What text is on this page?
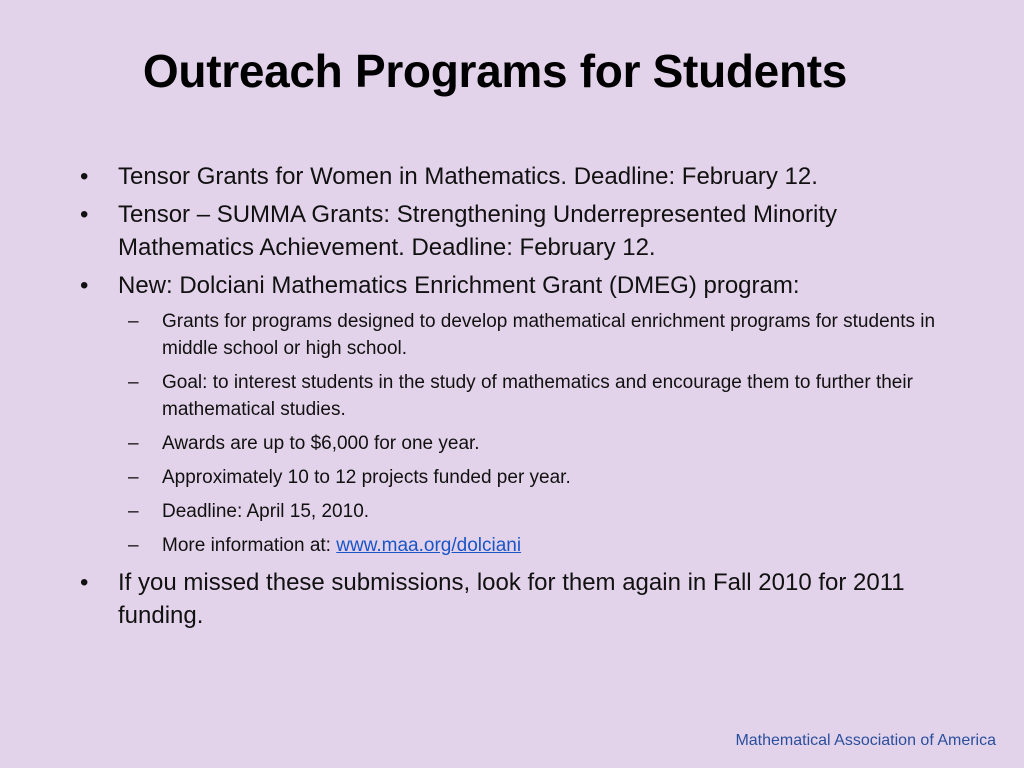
Outreach Programs for Students
•	Tensor Grants for Women in Mathematics. Deadline: February 12.
•	Tensor – SUMMA Grants: Strengthening Underrepresented Minority Mathematics Achievement. Deadline: February 12.
•	New: Dolciani Mathematics Enrichment Grant (DMEG) program:
– Grants for programs designed to develop mathematical enrichment programs for students in middle school or high school.
– Goal: to interest students in the study of mathematics and encourage them to further their mathematical studies.
– Awards are up to $6,000 for one year.
– Approximately 10 to 12 projects funded per year.
– Deadline: April 15, 2010.
– More information at: www.maa.org/dolciani
•	If you missed these submissions, look for them again in Fall 2010 for 2011 funding.
Mathematical Association of America
